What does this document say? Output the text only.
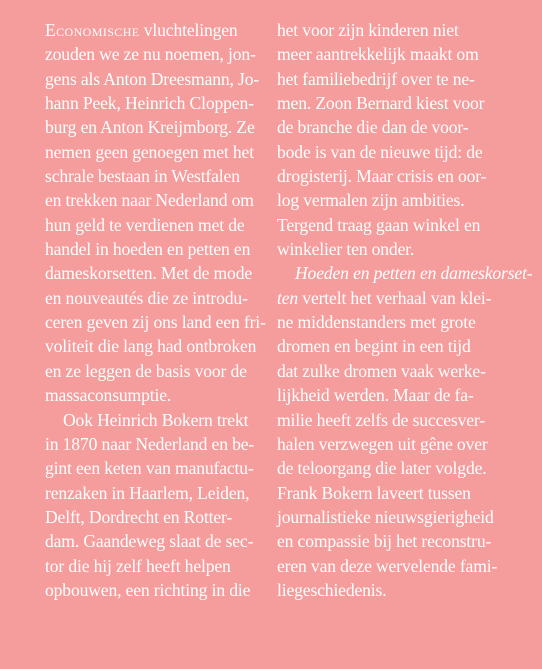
Economische vluchtelingen
zouden we ze nu noemen, jon-
gens als Anton Dreesmann, Jo-
hann Peek, Heinrich Cloppen-
burg en Anton Kreijmborg. Ze
nemen geen genoegen met het
schrale bestaan in Westfalen
en trekken naar Nederland om
hun geld te verdienen met de
handel in hoeden en petten en
dameskorsetten. Met de mode
en nouveautés die ze introdu-
ceren geven zij ons land een fri-
voliteit die lang had ontbroken
en ze leggen de basis voor de
massaconsumptie.
Ook Heinrich Bokern trekt
in 1870 naar Nederland en be-
gint een keten van manufactu-
renzaken in Haarlem, Leiden,
Delft, Dordrecht en Rotter-
dam. Gaandeweg slaat de sec-
tor die hij zelf heeft helpen
opbouwen, een richting in die
het voor zijn kinderen niet
meer aantrekkelijk maakt om
het familiebedrijf over te ne-
men. Zoon Bernard kiest voor
de branche die dan de voor-
bode is van de nieuwe tijd: de
drogisterij. Maar crisis en oor-
log vermalen zijn ambities.
Tergend traag gaan winkel en
winkelier ten onder.
Hoeden en petten en dameskorset-
ten vertelt het verhaal van klei-
ne middenstanders met grote
dromen en begint in een tijd
dat zulke dromen vaak werke-
lijkheid werden. Maar de fa-
milie heeft zelfs de succesver-
halen verzwegen uit gêne over
de teloorgang die later volgde.
Frank Bokern laveert tussen
journalistieke nieuwsgierigheid
en compassie bij het reconstru-
eren van deze wervelende fami-
liegeschiedenis.
